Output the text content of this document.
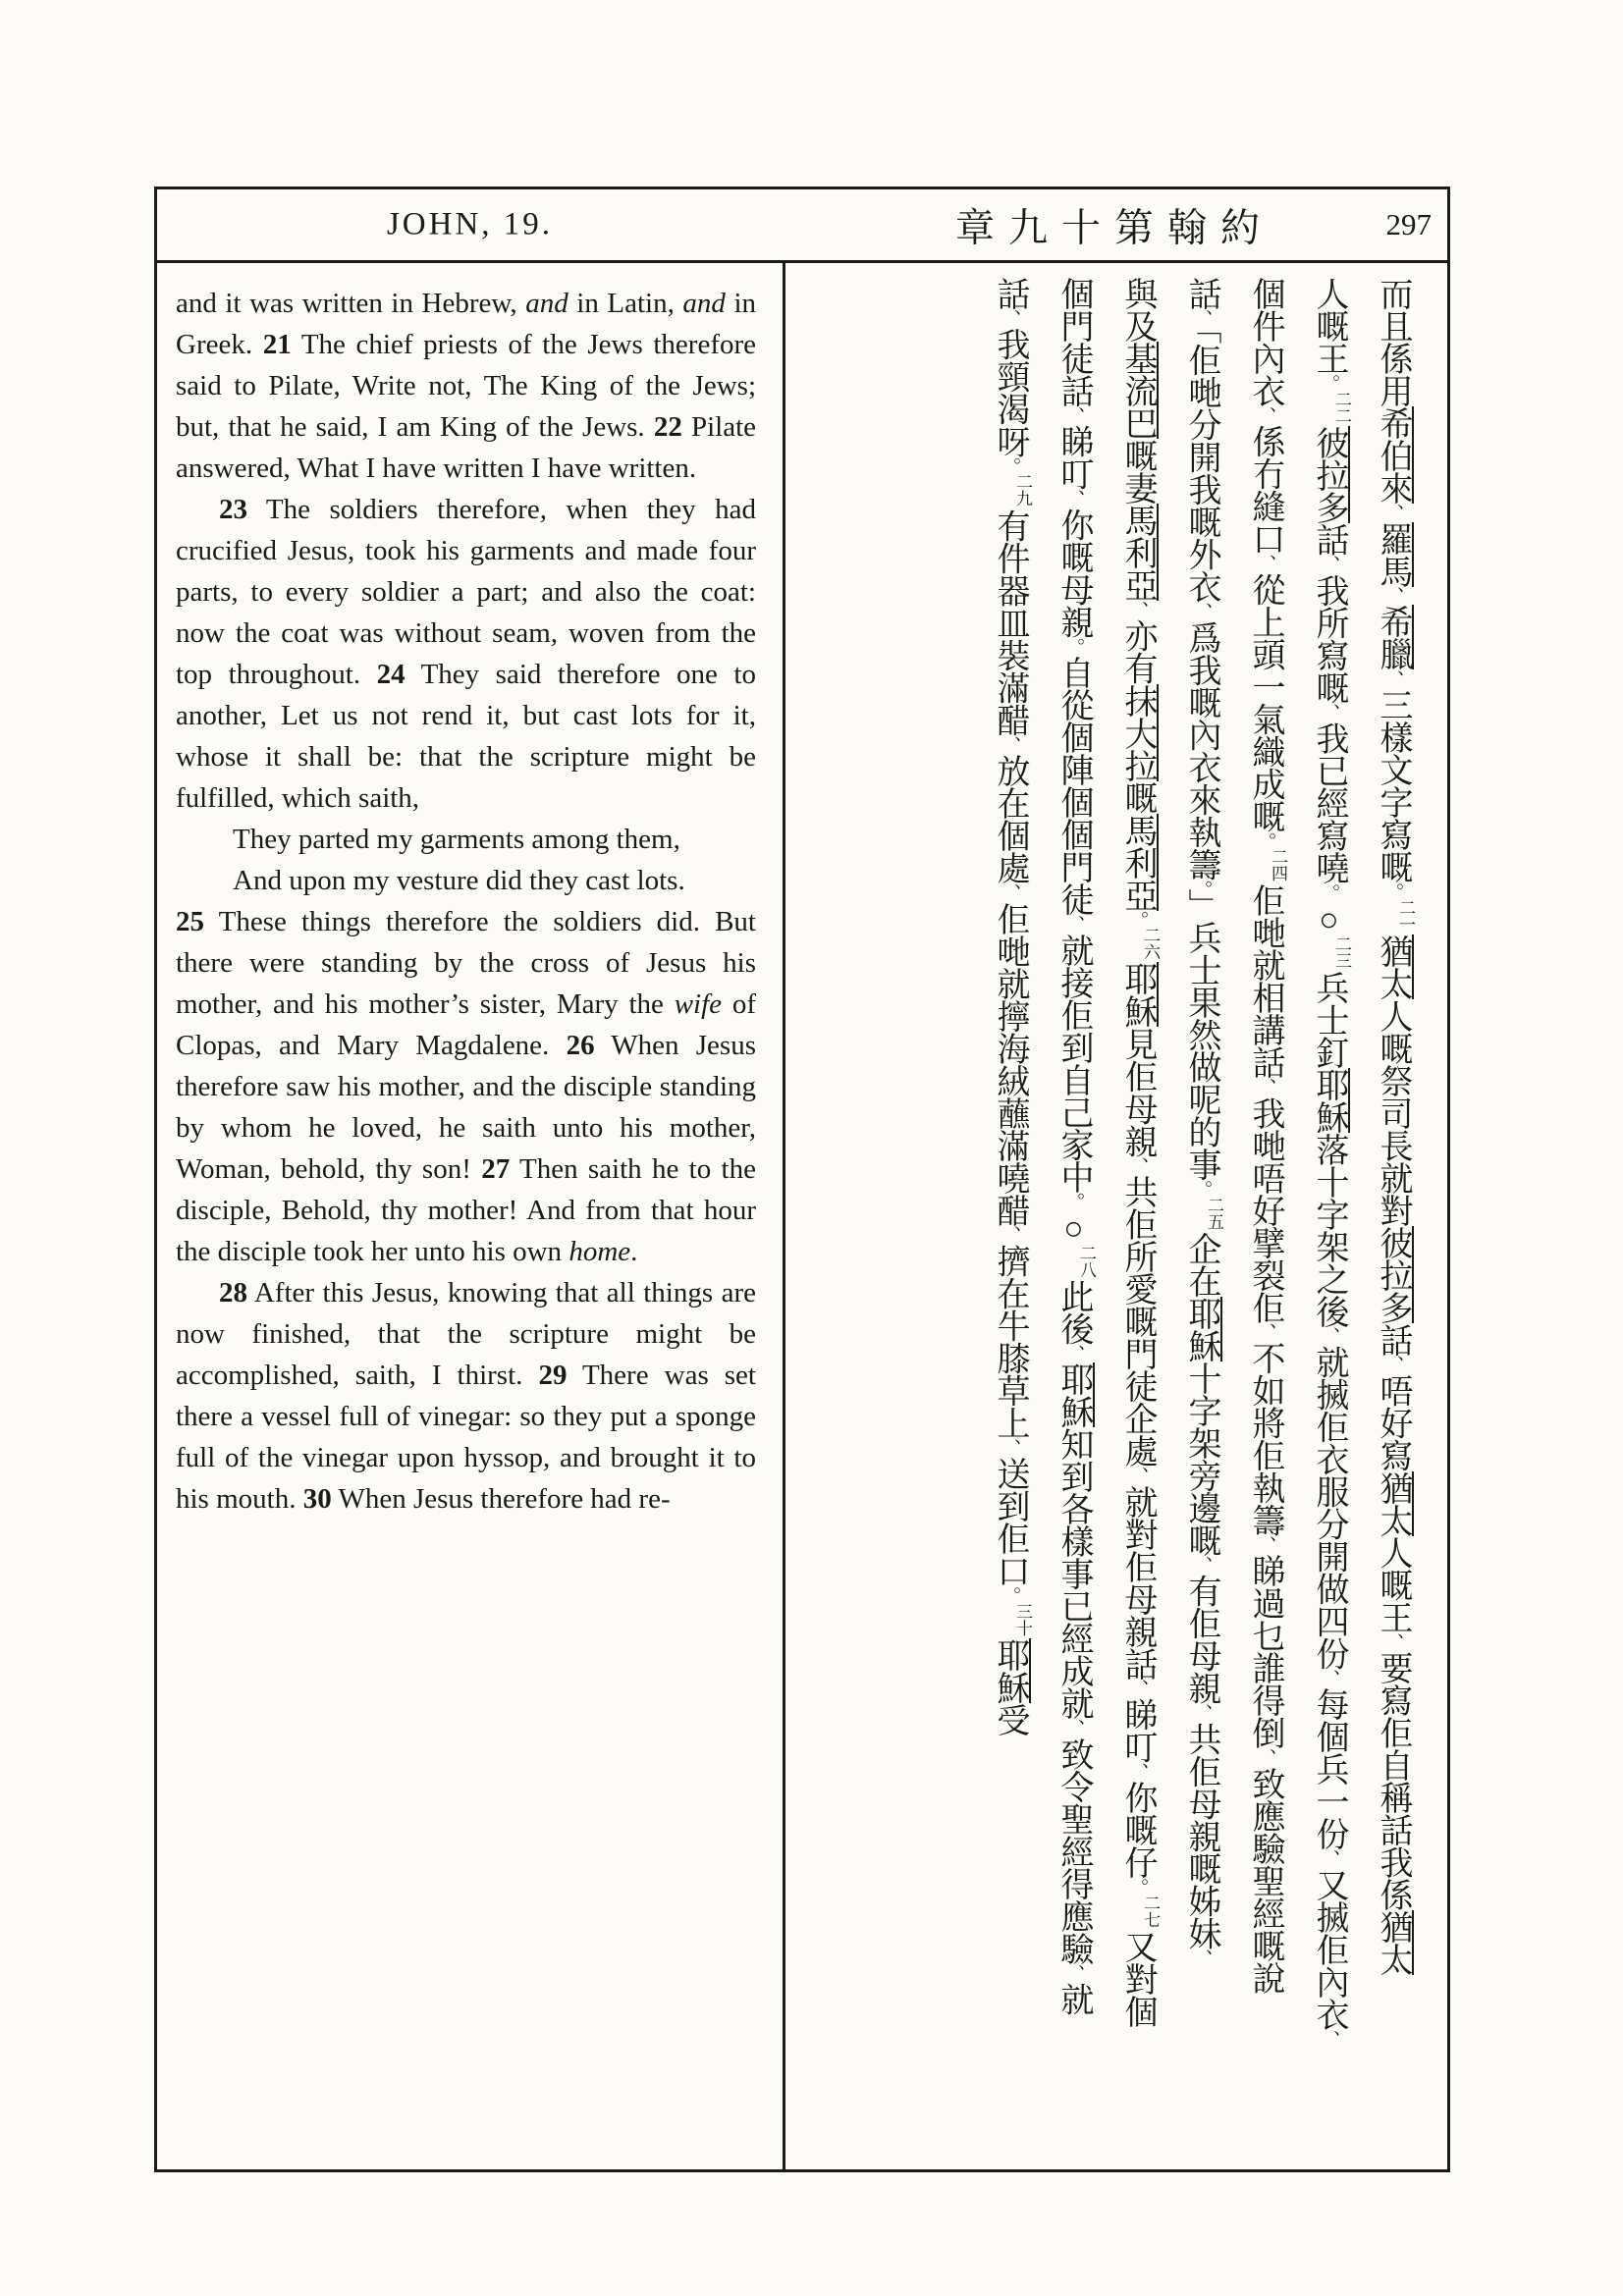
JOHN, 19.	章九十第翰約	297

and it was written in Hebrew, and in Latin, and in Greek. 21 The chief priests of the Jews therefore said to Pilate, Write not, The King of the Jews; but, that he said, I am King of the Jews. 22 Pilate answered, What I have written I have written.

23 The soldiers therefore, when they had crucified Jesus, took his garments and made four parts, to every soldier a part; and also the coat: now the coat was without seam, woven from the top throughout. 24 They said therefore one to another, Let us not rend it, but cast lots for it, whose it shall be: that the scripture might be fulfilled, which saith,

They parted my garments among them,
And upon my vesture did they cast lots.

25 These things therefore the soldiers did. But there were standing by the cross of Jesus his mother, and his mother’s sister, Mary the wife of Clopas, and Mary Magdalene. 26 When Jesus therefore saw his mother, and the disciple standing by whom he loved, he saith unto his mother, Woman, behold, thy son! 27 Then saith he to the disciple, Behold, thy mother! And from that hour the disciple took her unto his own home.

28 After this Jesus, knowing that all things are now finished, that the scripture might be accomplished, saith, I thirst. 29 There was set there a vessel full of vinegar: so they put a sponge full of the vinegar upon hyssop, and brought it to his mouth. 30 When Jesus therefore had re-

而且係用希伯來、羅馬、希臘、三樣文字寫嘅。二一猶太人嘅祭司長就對彼拉多話、唔好寫猶太人嘅王、要寫佢自稱話我係猶太
人嘅王。二二彼拉多話、我所寫嘅、我已經寫嘵。○二三兵士釘耶穌落十字架之後、就搣佢衣服分開做四份、每個兵一份、又搣佢內衣、
個件內衣、係冇縫口、從上頭一氣織成嘅。二四佢哋就相講話、我哋唔好擘裂佢、不如將佢執籌、睇過乜誰得倒、致應驗聖經嘅說
話、「佢哋分開我嘅外衣、爲我嘅內衣來執籌。」兵士果然做呢的事。二五企在耶穌十字架旁邊嘅、有佢母親、共佢母親嘅姊妹、
與及基流巴嘅妻馬利亞、亦有抹大拉嘅馬利亞。二六耶穌見佢母親、共佢所愛嘅門徒企處、就對佢母親話、睇叮、你嘅仔。二七又對個
個門徒話、睇叮、你嘅母親。自從個陣個個門徒、就接佢到自己家中。○二八此後、耶穌知到各樣事已經成就、致令聖經得應驗、就
話、我頸渴呀。二九有件器皿裝滿醋、放在個處、佢哋就擰海絨蘸滿嘵醋、擠在牛膝草上、送到佢口。三十耶穌受
